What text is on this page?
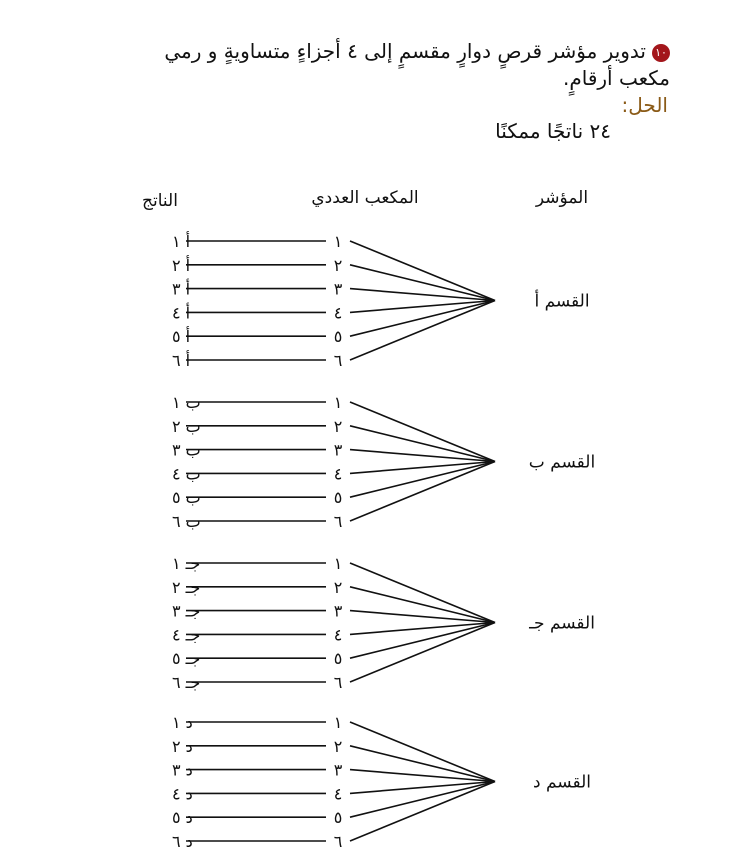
١٠تدوير مؤشر قرصٍ دوارٍ مقسمٍ إلى ٤ أجزاءٍ متساويةٍ و رمي مكعب أرقامٍ.
الحل:
٢٤ ناتجًا ممكنًا
المؤشر
المكعب العددي
الناتج
القسم أ
١
أ ١
٢
أ ٢
٣
أ ٣
٤
أ ٤
٥
أ ٥
٦
أ ٦
القسم ب
١
ب ١
٢
ب ٢
٣
ب ٣
٤
ب ٤
٥
ب ٥
٦
ب ٦
القسم جـ
١
جـ ١
٢
جـ ٢
٣
جـ ٣
٤
جـ ٤
٥
جـ ٥
٦
جـ ٦
القسم د
١
د ١
٢
د ٢
٣
د ٣
٤
د ٤
٥
د ٥
٦
د ٦
